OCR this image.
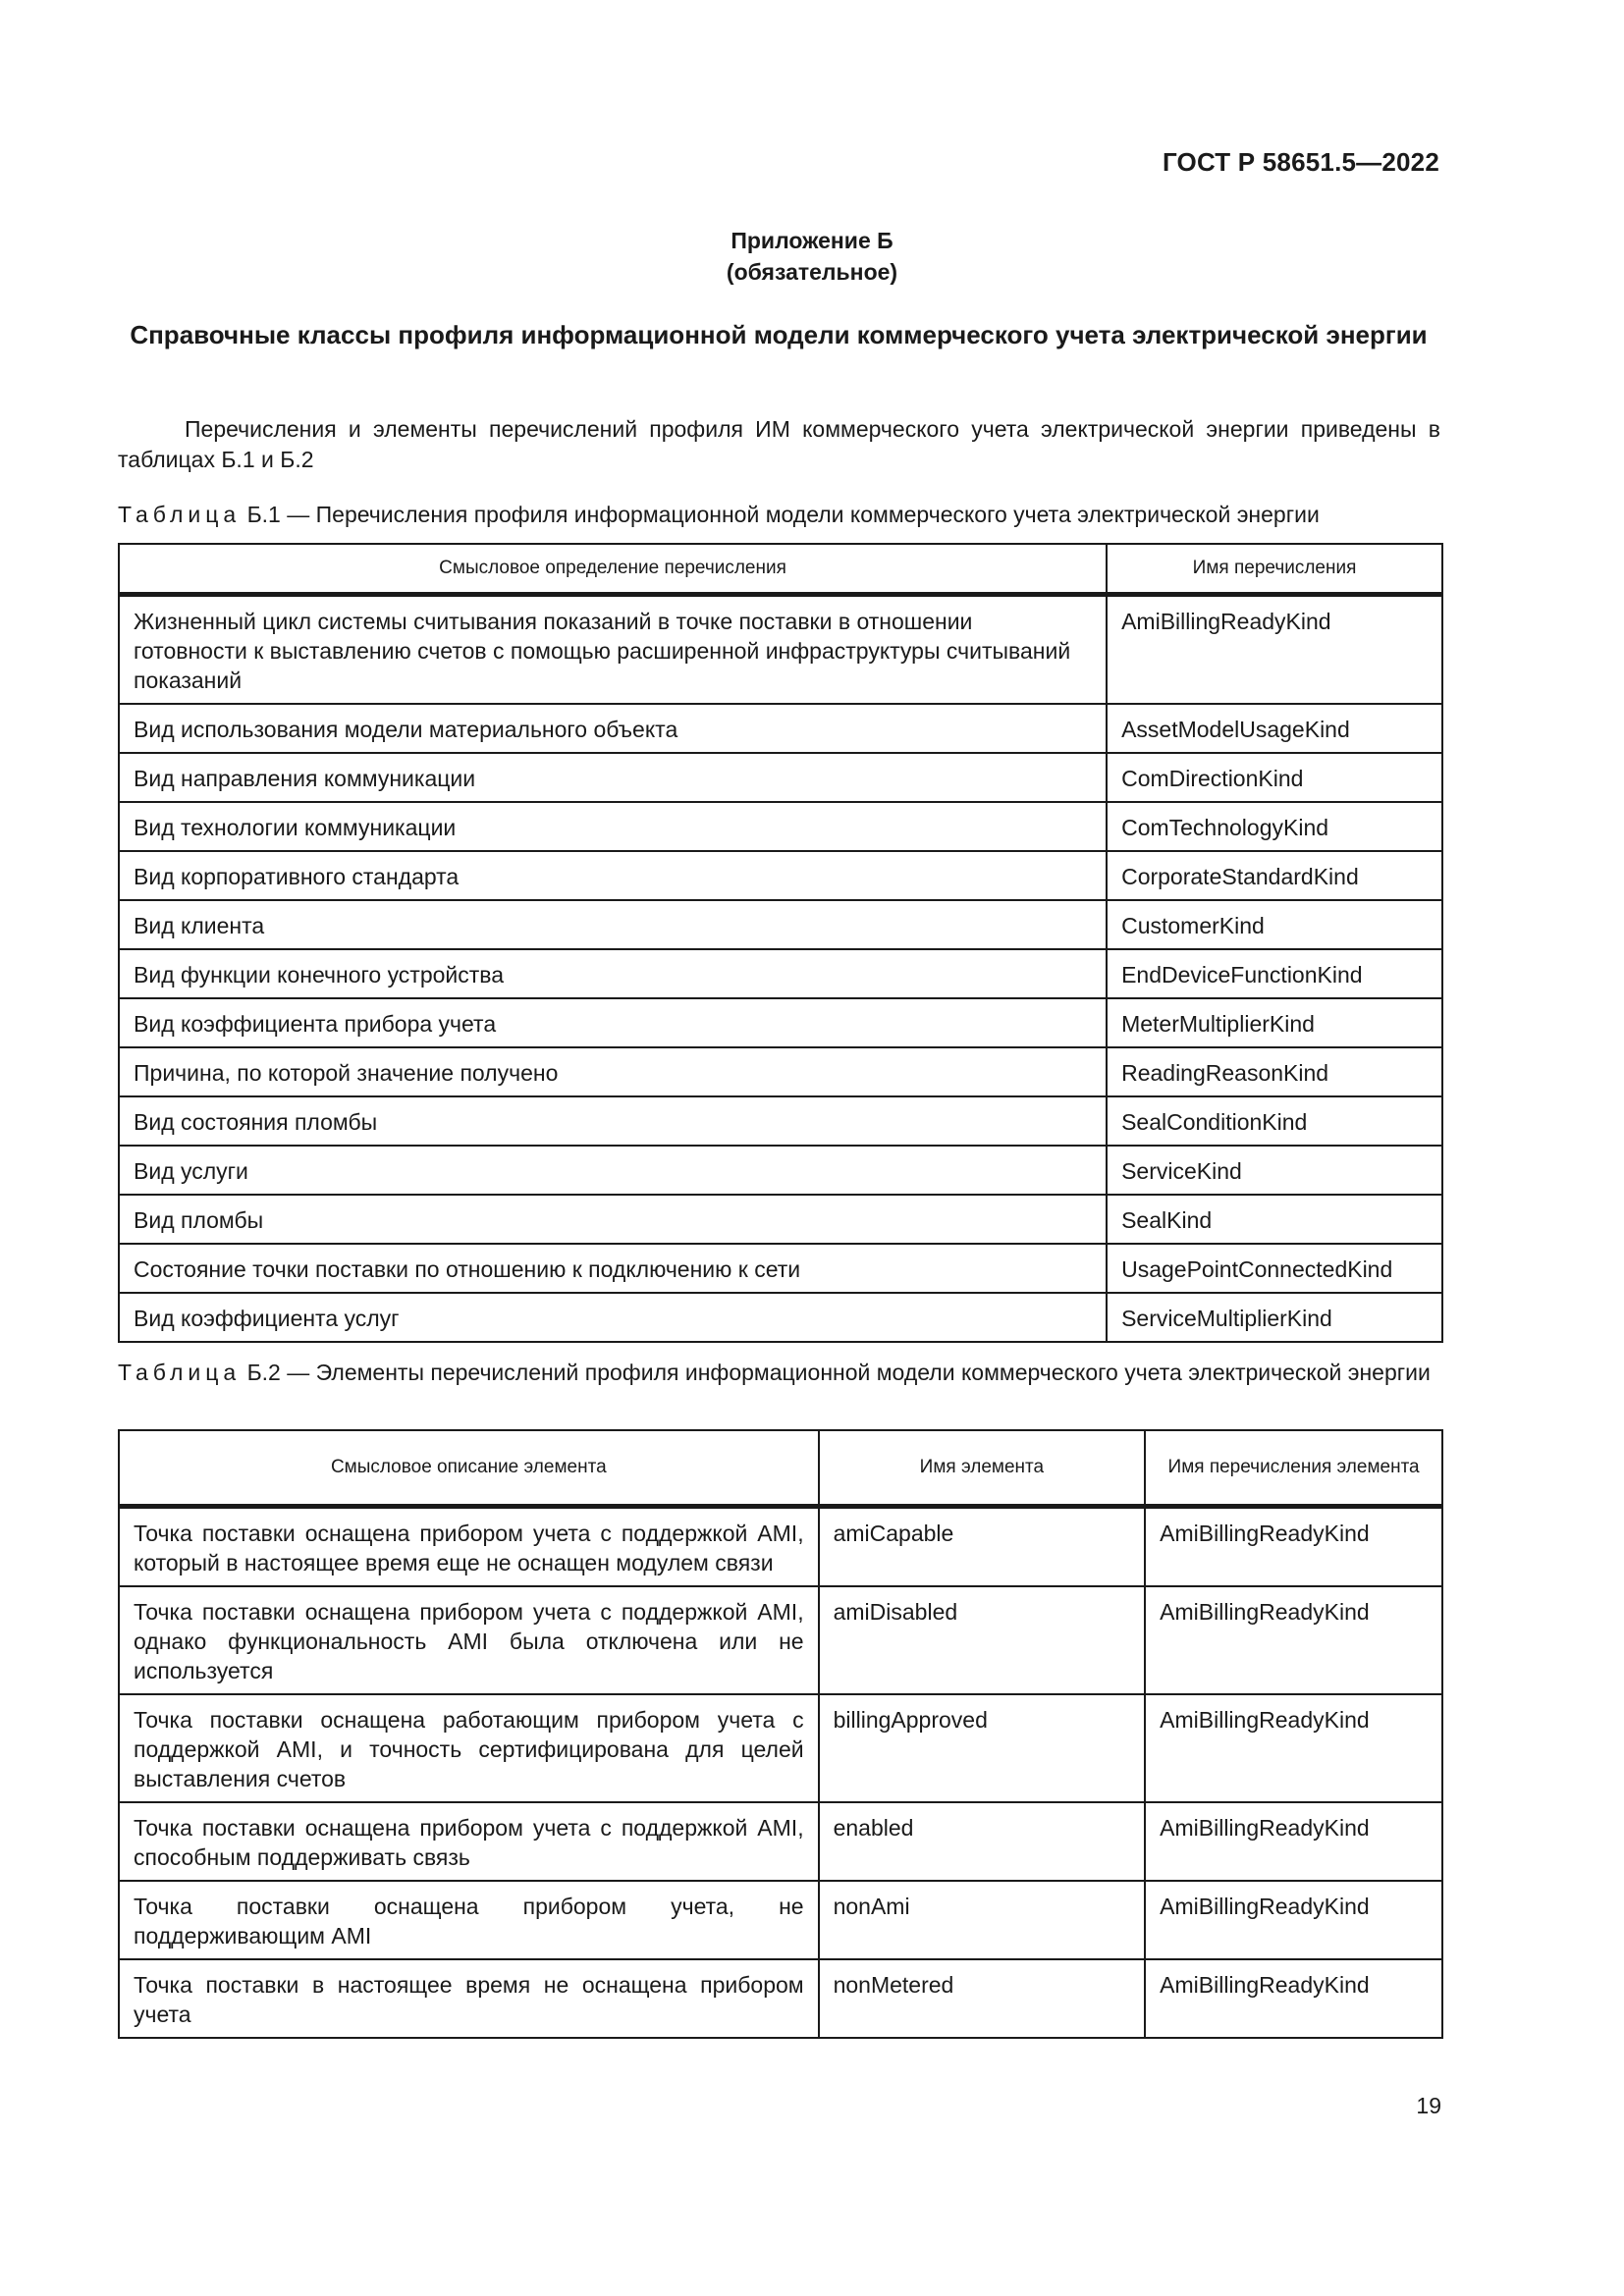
ГОСТ Р 58651.5—2022
Приложение Б
(обязательное)
Справочные классы профиля информационной модели коммерческого учета электрической энергии
Перечисления и элементы перечислений профиля ИМ коммерческого учета электрической энергии приведены в таблицах Б.1 и Б.2
Таблица Б.1 — Перечисления профиля информационной модели коммерческого учета электрической энергии
Смысловое определение перечисления	Имя перечисления
Жизненный цикл системы считывания показаний в точке поставки в отношении готовности к выставлению счетов с помощью расширенной инфраструктуры считываний показаний	AmiBillingReadyKind
Вид использования модели материального объекта	AssetModelUsageKind
Вид направления коммуникации	ComDirectionKind
Вид технологии коммуникации	ComTechnologyKind
Вид корпоративного стандарта	CorporateStandardKind
Вид клиента	CustomerKind
Вид функции конечного устройства	EndDeviceFunctionKind
Вид коэффициента прибора учета	MeterMultiplierKind
Причина, по которой значение получено	ReadingReasonKind
Вид состояния пломбы	SealConditionKind
Вид услуги	ServiceKind
Вид пломбы	SealKind
Состояние точки поставки по отношению к подключению к сети	UsagePointConnectedKind
Вид коэффициента услуг	ServiceMultiplierKind
Таблица Б.2 — Элементы перечислений профиля информационной модели коммерческого учета электрической энергии
Смысловое описание элемента	Имя элемента	Имя перечисления элемента
Точка поставки оснащена прибором учета с поддержкой AMI, который в настоящее время еще не оснащен модулем связи	amiCapable	AmiBillingReadyKind
Точка поставки оснащена прибором учета с поддержкой AMI, однако функциональность AMI была отключена или не используется	amiDisabled	AmiBillingReadyKind
Точка поставки оснащена работающим прибором учета с поддержкой AMI, и точность сертифицирована для целей выставления счетов	billingApproved	AmiBillingReadyKind
Точка поставки оснащена прибором учета с поддержкой AMI, способным поддерживать связь	enabled	AmiBillingReadyKind
Точка поставки оснащена прибором учета, не поддерживающим AMI	nonAmi	AmiBillingReadyKind
Точка поставки в настоящее время не оснащена прибором учета	nonMetered	AmiBillingReadyKind
19
